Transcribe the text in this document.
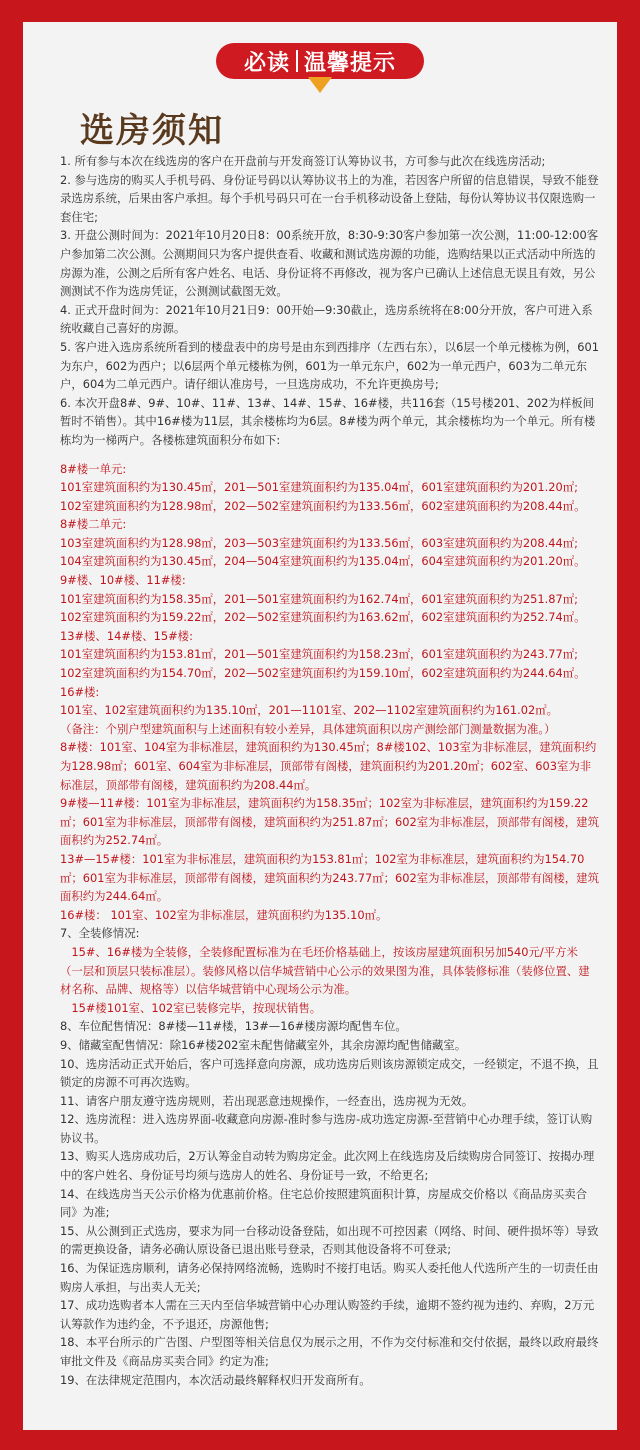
必读 温馨提示
选房须知

1. 所有参与本次在线选房的客户在开盘前与开发商签订认筹协议书，方可参与此次在线选房活动;

2. 参与选房的购买人手机号码、身份证号码以认筹协议书上的为准，若因客户所留的信息错误，导致不能登录选房系统，后果由客户承担。每个手机号码只可在一台手机移动设备上登陆，每份认筹协议书仅限选购一套住宅;

3. 开盘公测时间为：2021年10月20日8：00系统开放，8:30-9:30客户参加第一次公测，11:00-12:00客户参加第二次公测。公测期间只为客户提供查看、收藏和测试选房源的功能，选购结果以正式活动中所选的房源为准，公测之后所有客户姓名、电话、身份证将不再修改，视为客户已确认上述信息无误且有效，另公测测试不作为选房凭证，公测测试截图无效。

4. 正式开盘时间为：2021年10月21日9：00开始—9:30截止，选房系统将在8:00分开放，客户可进入系统收藏自己喜好的房源。

5. 客户进入选房系统所看到的楼盘表中的房号是由东到西排序（左西右东），以6层一个单元楼栋为例，601为东户，602为西户；以6层两个单元楼栋为例，601为一单元东户，602为一单元西户，603为二单元东户，604为二单元西户。请仔细认准房号，一旦选房成功，不允许更换房号;

6. 本次开盘8#、9#、10#、11#、13#、14#、15#、16#楼，共116套（15号楼201、202为样板间暂时不销售）。其中16#楼为11层，其余楼栋均为6层。8#楼为两个单元，其余楼栋均为一个单元。所有楼栋均为一梯两户。各楼栋建筑面积分布如下:

8#楼一单元:

101室建筑面积约为130.45㎡，201—501室建筑面积约为135.04㎡，601室建筑面积约为201.20㎡;

102室建筑面积约为128.98㎡，202—502室建筑面积约为133.56㎡，602室建筑面积约为208.44㎡。

8#楼二单元:

103室建筑面积约为128.98㎡，203—503室建筑面积约为133.56㎡，603室建筑面积约为208.44㎡;

104室建筑面积约为130.45㎡，204—504室建筑面积约为135.04㎡，604室建筑面积约为201.20㎡。

9#楼、10#楼、11#楼:

101室建筑面积约为158.35㎡，201—501室建筑面积约为162.74㎡，601室建筑面积约为251.87㎡;

102室建筑面积约为159.22㎡，202—502室建筑面积约为163.62㎡，602室建筑面积约为252.74㎡。

13#楼、14#楼、15#楼:

101室建筑面积约为153.81㎡，201—501室建筑面积约为158.23㎡，601室建筑面积约为243.77㎡;

102室建筑面积约为154.70㎡，202—502室建筑面积约为159.10㎡，602室建筑面积约为244.64㎡。

16#楼:

101室、102室建筑面积约为135.10㎡，201—1101室、202—1102室建筑面积约为161.02㎡。

（备注：个别户型建筑面积与上述面积有较小差异，具体建筑面积以房产测绘部门测量数据为准。）

8#楼：101室、104室为非标准层，建筑面积约为130.45㎡；8#楼102、103室为非标准层，建筑面积约为128.98㎡；601室、604室为非标准层，顶部带有阁楼，建筑面积约为201.20㎡；602室、603室为非标准层，顶部带有阁楼，建筑面积约为208.44㎡。

9#楼—11#楼：101室为非标准层，建筑面积约为158.35㎡；102室为非标准层，建筑面积约为159.22㎡；601室为非标准层，顶部带有阁楼，建筑面积约为251.87㎡；602室为非标准层，顶部带有阁楼，建筑面积约为252.74㎡。

13#—15#楼：101室为非标准层，建筑面积约为153.81㎡；102室为非标准层，建筑面积约为154.70㎡；601室为非标准层，顶部带有阁楼，建筑面积约为243.77㎡；602室为非标准层，顶部带有阁楼，建筑面积约为244.64㎡。

16#楼： 101室、102室为非标准层，建筑面积约为135.10㎡。

7、全装修情况:

　15#、16#楼为全装修，全装修配置标准为在毛坯价格基础上，按该房屋建筑面积另加540元/平方米（一层和顶层只装标准层）。装修风格以信华城营销中心公示的效果图为准，具体装修标准（装修位置、建材名称、品牌、规格等）以信华城营销中心现场公示为准。

　15#楼101室、102室已装修完毕，按现状销售。

8、车位配售情况：8#楼—11#楼，13#—16#楼房源均配售车位。

9、储藏室配售情况：除16#楼202室未配售储藏室外，其余房源均配售储藏室。

10、选房活动正式开始后，客户可选择意向房源，成功选房后则该房源锁定成交，一经锁定，不退不换，且锁定的房源不可再次选购。

11、请客户朋友遵守选房规则，若出现恶意违规操作，一经查出，选房视为无效。

12、选房流程：进入选房界面-收藏意向房源-准时参与选房-成功选定房源-至营销中心办理手续，签订认购协议书。

13、购买人选房成功后，2万认筹金自动转为购房定金。此次网上在线选房及后续购房合同签订、按揭办理中的客户姓名、身份证号均须与选房人的姓名、身份证号一致，不给更名;

14、在线选房当天公示价格为优惠前价格。住宅总价按照建筑面积计算，房屋成交价格以《商品房买卖合同》为准;

15、从公测到正式选房，要求为同一台移动设备登陆，如出现不可控因素（网络、时间、硬件损坏等）导致的需更换设备，请务必确认原设备已退出账号登录，否则其他设备将不可登录;

16、为保证选房顺利，请务必保持网络流畅，选购时不接打电话。购买人委托他人代选所产生的一切责任由购房人承担，与出卖人无关;

17、成功选购者本人需在三天内至信华城营销中心办理认购签约手续，逾期不签约视为违约、弃购，2万元认筹款作为违约金，不予退还，房源他售;

18、本平台所示的广告图、户型图等相关信息仅为展示之用，不作为交付标准和交付依据，最终以政府最终审批文件及《商品房买卖合同》约定为准;

19、在法律规定范围内，本次活动最终解释权归开发商所有。
